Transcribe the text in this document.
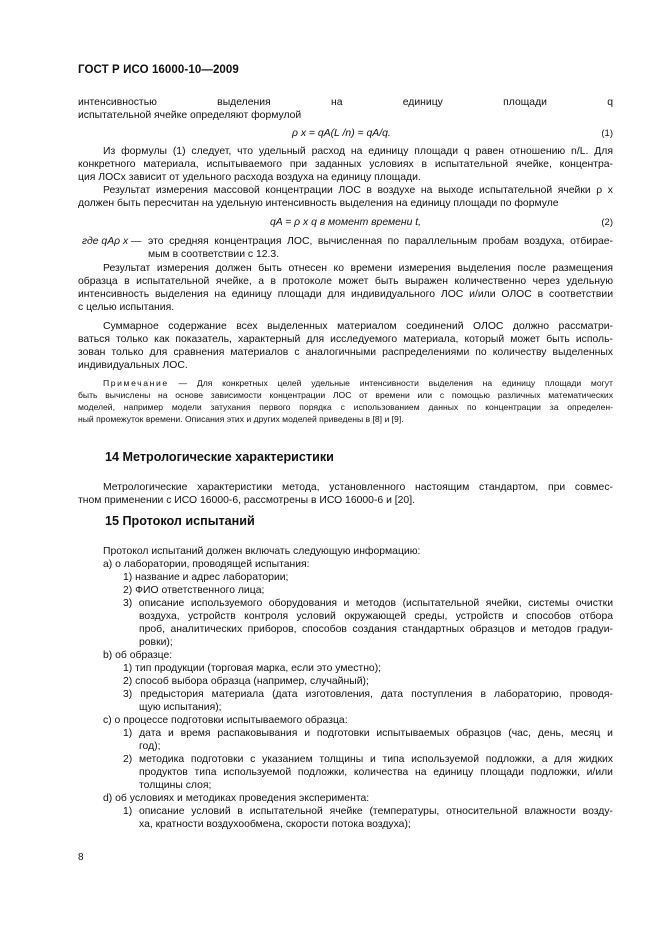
ГОСТ Р ИСО 16000-10—2009
интенсивностью выделения на единицу площади q
испытательной ячейке определяют формулой
ρ x = qA(L /n) = qA/q.	(1)
Из формулы (1) следует, что удельный расход на единицу площади q равен отношению n/L. Для
конкретного материала, испытываемого при заданных условиях в испытательной ячейке, концентра-
ция ЛОСx зависит от удельного расхода воздуха на единицу площади.
Результат измерения массовой концентрации ЛОС в воздухе на выходе испытательной ячейки ρ x
должен быть пересчитан на удельную интенсивность выделения на единицу площади по формуле
qA = ρ x q в момент времени t,	(2)
где qAρ x — это средняя концентрация ЛОС, вычисленная по параллельным пробам воздуха, отбирае-
мым в соответствии с 12.3.
Результат измерения должен быть отнесен ко времени измерения выделения после размещения
образца в испытательной ячейке, а в протоколе может быть выражен количественно через удельную
интенсивность выделения на единицу площади для индивидуального ЛОС и/или ОЛОС в соответствии
с целью испытания.
Суммарное содержание всех выделенных материалом соединений ОЛОС должно рассматри-
ваться только как показатель, характерный для исследуемого материала, который может быть исполь-
зован только для сравнения материалов с аналогичными распределениями по количеству выделенных
индивидуальных ЛОС.
Примечание — Для конкретных целей удельные интенсивности выделения на единицу площади могут
быть вычислены на основе зависимости концентрации ЛОС от времени или с помощью различных математических
моделей, например модели затухания первого порядка с использованием данных по концентрации за определен-
ный промежуток времени. Описания этих и других моделей приведены в [8] и [9].
14 Метрологические характеристики
Метрологические характеристики метода, установленного настоящим стандартом, при совмес-
тном применении с ИСО 16000-6, рассмотрены в ИСО 16000-6 и [20].
15 Протокол испытаний
Протокол испытаний должен включать следующую информацию:
a) о лаборатории, проводящей испытания:
1) название и адрес лаборатории;
2) ФИО ответственного лица;
3) описание используемого оборудования и методов (испытательной ячейки, системы очистки
воздуха, устройств контроля условий окружающей среды, устройств и способов отбора
проб, аналитических приборов, способов создания стандартных образцов и методов градуи-
ровки);
b) об образце:
1) тип продукции (торговая марка, если это уместно);
2) способ выбора образца (например, случайный);
3) предыстория материала (дата изготовления, дата поступления в лабораторию, проводя-
щую испытания);
c) о процессе подготовки испытываемого образца:
1) дата и время распаковывания и подготовки испытываемых образцов (час, день, месяц и
год);
2) методика подготовки с указанием толщины и типа используемой подложки, а для жидких
продуктов типа используемой подложки, количества на единицу площади подложки, и/или
толщины слоя;
d) об условиях и методиках проведения эксперимента:
1) описание условий в испытательной ячейке (температуры, относительной влажности возду-
ха, кратности воздухообмена, скорости потока воздуха);
8
